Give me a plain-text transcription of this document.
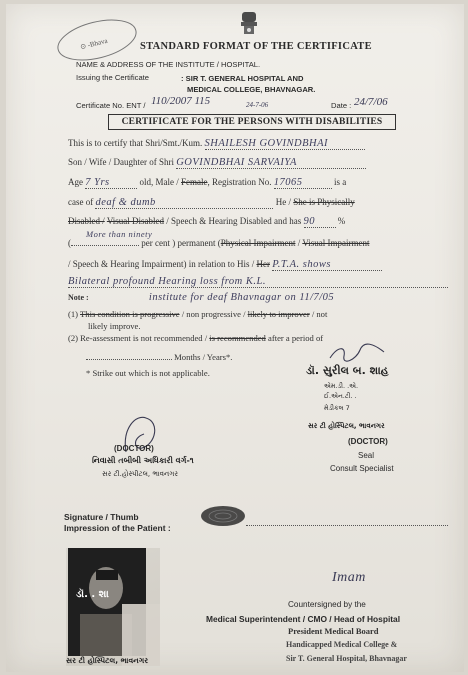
⊙ -Bhava	STANDARD FORMAT OF THE CERTIFICATE
NAME & ADDRESS OF THE INSTITUTE / HOSPITAL.
Issuing the Certificate	: SIR T. GENERAL HOSPITAL AND
MEDICAL COLLEGE, BHAVNAGAR.
Certificate No. ENT / 110/2007 115	24-7-06	Date : 24/7/06
CERTIFICATE FOR THE PERSONS WITH DISABILITIES
This is to certify that Shri/Smt./Kum. SHAILESH GOVINDBHAI
Son / Wife / Daughter of Shri GOVINDBHAI SARVAIYA
Age 7 Yrs	old, Male / Female, Registration No. 17065	is a
case of deaf & dumb	He / She is Physically
Disabled / Visual Disabled / Speech & Hearing Disabled and has 90	%
More than ninety
(	per cent ) permanent (Physical Impairment / Visual Impairment
/ Speech & Hearing Impairment) in relation to His / Her P.T.A. shows
Bilateral profound Hearing loss from K.L.
Note :	institute for deaf Bhavnagar on 11/7/05
(1) This condition is progressive / non progressive / likely to improver / not
likely improve.
(2) Re-assessment is not recommended / is recommended after a period of
Months / Years*.
* Strike out which is not applicable.	ડૉ. સુરીલ બ. શાહ
એમ.ડી. .એ.
ઈ.એન.ટી. .
મેડીકલ 7
સર ટી હોસ્પિટલ, ભાવનગર
(DOCTOR)
Seal
Consult Specialist
(DOCTOR)
નિવાસી તબીબી અધિકારી વર્ગ-૧
સર ટી.હોસ્પીટલ, ભાવનગર
Signature / Thumb
Impression of the Patient :
ડૉ. . શા
સર ટી હોસ્પિટલ, ભાવનગર
Imam
Countersigned by the
Medical Superintendent / CMO / Head of Hospital
President Medical Board
Handicapped Medical College &
Sir T. General Hospital, Bhavnagar
